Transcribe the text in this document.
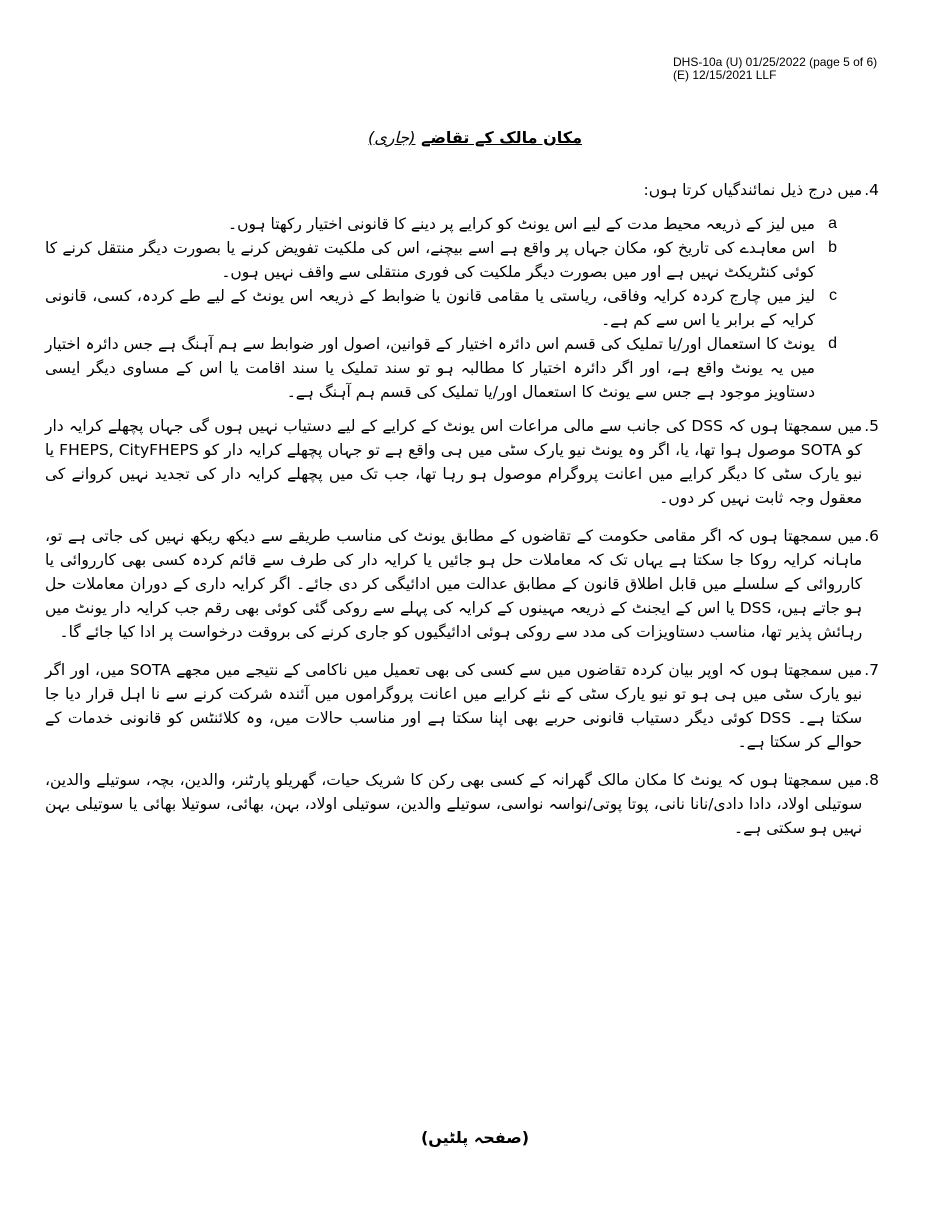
DHS-10a (U) 01/25/2022 (page 5 of 6)
(E) 12/15/2021 LLF
مکان مالک کے تقاضے (جاری)
4.
میں درج ذیل نمائندگیاں کرتا ہوں:
a
میں لیز کے ذریعہ محیط مدت کے لیے اس یونٹ کو کرایے پر دینے کا قانونی اختیار رکھتا ہوں۔
b
اس معاہدے کی تاریخ کو، مکان جہاں پر واقع ہے اسے بیچنے، اس کی ملکیت تفویض کرنے یا بصورت دیگر منتقل کرنے کا کوئی کنٹریکٹ نہیں ہے اور میں بصورت دیگر ملکیت کی فوری منتقلی سے واقف نہیں ہوں۔
c
لیز میں چارج کردہ کرایہ وفاقی، ریاستی یا مقامی قانون یا ضوابط کے ذریعہ اس یونٹ کے لیے طے کردہ، کسی، قانونی کرایہ کے برابر یا اس سے کم ہے۔
d
یونٹ کا استعمال اور/یا تملیک کی قسم اس دائرہ اختیار کے قوانین، اصول اور ضوابط سے ہم آہنگ ہے جس دائرہ اختیار میں یہ یونٹ واقع ہے، اور اگر دائرہ اختیار کا مطالبہ ہو تو سند تملیک یا سند اقامت یا اس کے مساوی دیگر ایسی دستاویز موجود ہے جس سے یونٹ کا استعمال اور/یا تملیک کی قسم ہم آہنگ ہے۔
5.
میں سمجھتا ہوں کہ DSS کی جانب سے مالی مراعات اس یونٹ کے کرایے کے لیے دستیاب نہیں ہوں گی جہاں پچھلے کرایہ دار کو SOTA موصول ہوا تھا، یا، اگر وہ یونٹ نیو یارک سٹی میں ہی واقع ہے تو جہاں پچھلے کرایہ دار کو FHEPS, CityFHEPS یا نیو یارک سٹی کا دیگر کرایے میں اعانت پروگرام موصول ہو رہا تھا، جب تک میں پچھلے کرایہ دار کی تجدید نہیں کروانے کی معقول وجہ ثابت نہیں کر دوں۔
6.
میں سمجھتا ہوں کہ اگر مقامی حکومت کے تقاضوں کے مطابق یونٹ کی مناسب طریقے سے دیکھ ریکھ نہیں کی جاتی ہے تو، ماہانہ کرایہ روکا جا سکتا ہے یہاں تک کہ معاملات حل ہو جائیں یا کرایہ دار کی طرف سے قائم کردہ کسی بھی کارروائی یا کارروائی کے سلسلے میں قابل اطلاق قانون کے مطابق عدالت میں ادائیگی کر دی جائے۔ اگر کرایہ داری کے دوران معاملات حل ہو جاتے ہیں، DSS یا اس کے ایجنٹ کے ذریعہ مہینوں کے کرایہ کی پہلے سے روکی گئی کوئی بھی رقم جب کرایہ دار یونٹ میں رہائش پذیر تھا، مناسب دستاویزات کی مدد سے روکی ہوئی ادائیگیوں کو جاری کرنے کی بروقت درخواست پر ادا کیا جائے گا۔
7.
میں سمجھتا ہوں کہ اوپر بیان کردہ تقاضوں میں سے کسی کی بھی تعمیل میں ناکامی کے نتیجے میں مجھے SOTA میں، اور اگر نیو یارک سٹی میں ہی ہو تو نیو یارک سٹی کے نئے کرایے میں اعانت پروگراموں میں آئندہ شرکت کرنے سے نا اہل قرار دیا جا سکتا ہے۔ DSS کوئی دیگر دستیاب قانونی حربے بھی اپنا سکتا ہے اور مناسب حالات میں، وہ کلائنٹس کو قانونی خدمات کے حوالے کر سکتا ہے۔
8.
میں سمجھتا ہوں کہ یونٹ کا مکان مالک گھرانہ کے کسی بھی رکن کا شریک حیات، گھریلو پارٹنر، والدین، بچہ، سوتیلے والدین، سوتیلی اولاد، دادا دادی/نانا نانی، پوتا پوتی/نواسہ نواسی، سوتیلے والدین، سوتیلی اولاد، بہن، بھائی، سوتیلا بھائی یا سوتیلی بہن نہیں ہو سکتی ہے۔
(صفحہ پلٹیں)
